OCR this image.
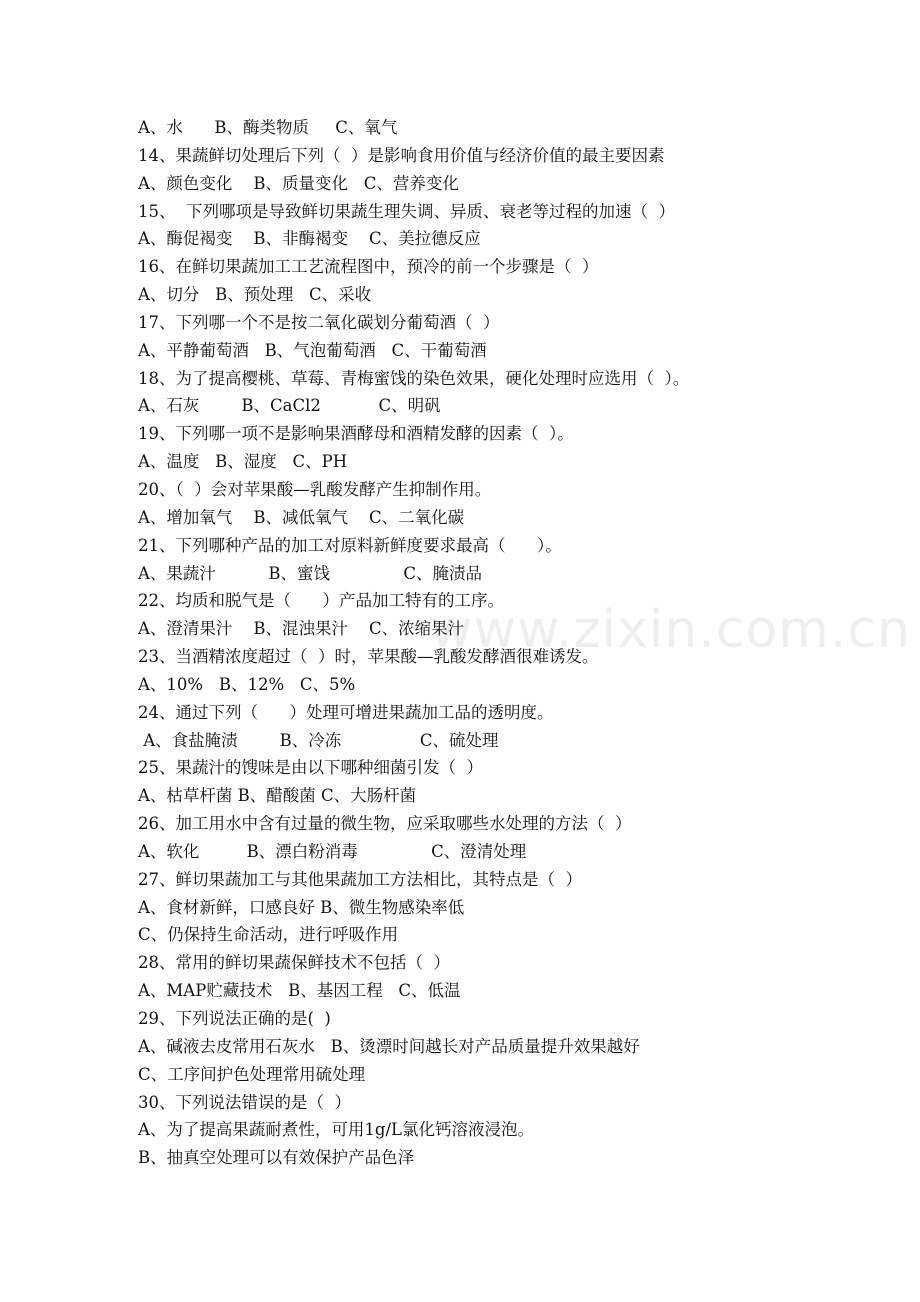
www.zixin.com.cn
A、水      B、酶类物质     C、氧气
14、果蔬鲜切处理后下列（  ）是影响食用价值与经济价值的最主要因素
A、颜色变化    B、质量变化   C、营养变化
15、  下列哪项是导致鲜切果蔬生理失调、异质、衰老等过程的加速（  ）
A、酶促褐变    B、非酶褐变    C、美拉德反应
16、在鲜切果蔬加工工艺流程图中，预冷的前一个步骤是（  ）
A、切分   B、预处理   C、采收
17、下列哪一个不是按二氧化碳划分葡萄酒（  ）
A、平静葡萄酒   B、气泡葡萄酒   C、干葡萄酒
18、为了提高樱桃、草莓、青梅蜜饯的染色效果，硬化处理时应选用（  ）。
A、石灰        B、CaCl2           C、明矾
19、下列哪一项不是影响果酒酵母和酒精发酵的因素（  ）。
A、温度   B、湿度   C、PH
20、（  ）会对苹果酸—乳酸发酵产生抑制作用。
A、增加氧气    B、减低氧气    C、二氧化碳
21、下列哪种产品的加工对原料新鲜度要求最高（      ）。
A、果蔬汁          B、蜜饯              C、腌渍品
22、均质和脱气是（      ）产品加工特有的工序。
A、澄清果汁    B、混浊果汁    C、浓缩果汁
23、当酒精浓度超过（  ）时，苹果酸—乳酸发酵酒很难诱发。
A、10%   B、12%   C、5%
24、通过下列（      ）处理可增进果蔬加工品的透明度。
A、食盐腌渍        B、冷冻               C、硫处理
25、果蔬汁的馊味是由以下哪种细菌引发（  ）
A、枯草杆菌 B、醋酸菌 C、大肠杆菌
26、加工用水中含有过量的微生物，应采取哪些水处理的方法（  ）
A、软化         B、漂白粉消毒              C、澄清处理
27、鲜切果蔬加工与其他果蔬加工方法相比，其特点是（  ）
A、食材新鲜，口感良好 B、微生物感染率低
C、仍保持生命活动，进行呼吸作用
28、常用的鲜切果蔬保鲜技术不包括（  ）
A、MAP贮藏技术   B、基因工程   C、低温
29、下列说法正确的是(  )
A、碱液去皮常用石灰水   B、烫漂时间越长对产品质量提升效果越好
C、工序间护色处理常用硫处理
30、下列说法错误的是（  ）
A、为了提高果蔬耐煮性，可用1g/L氯化钙溶液浸泡。
B、抽真空处理可以有效保护产品色泽
